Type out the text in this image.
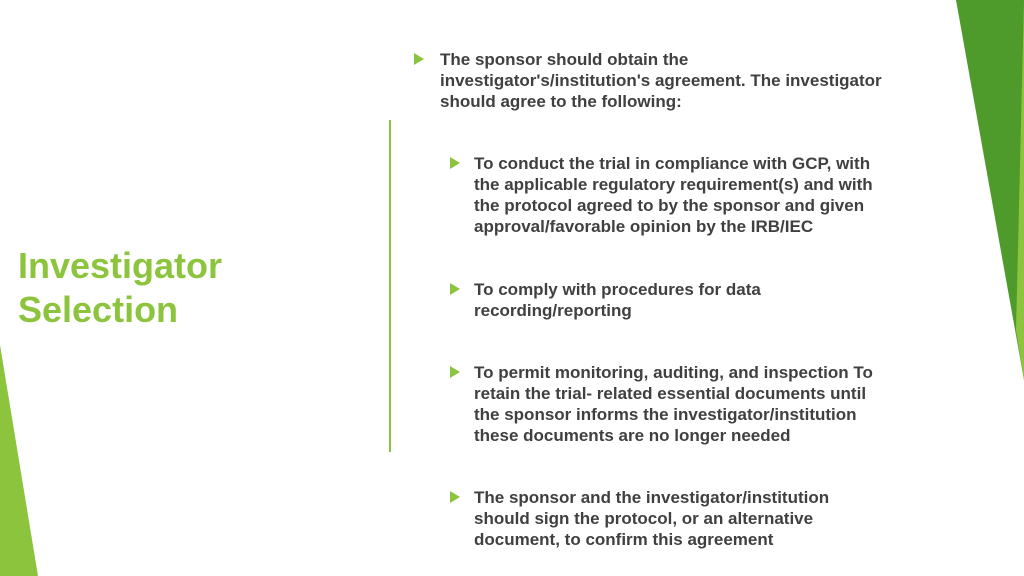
Investigator
Selection

The sponsor should obtain the
investigator's/institution's agreement. The investigator
should agree to the following:

To conduct the trial in compliance with GCP, with
the applicable regulatory requirement(s) and with
the protocol agreed to by the sponsor and given
approval/favorable opinion by the IRB/IEC

To comply with procedures for data
recording/reporting

To permit monitoring, auditing, and inspection To
retain the trial- related essential documents until
the sponsor informs the investigator/institution
these documents are no longer needed

The sponsor and the investigator/institution
should sign the protocol, or an alternative
document, to confirm this agreement
